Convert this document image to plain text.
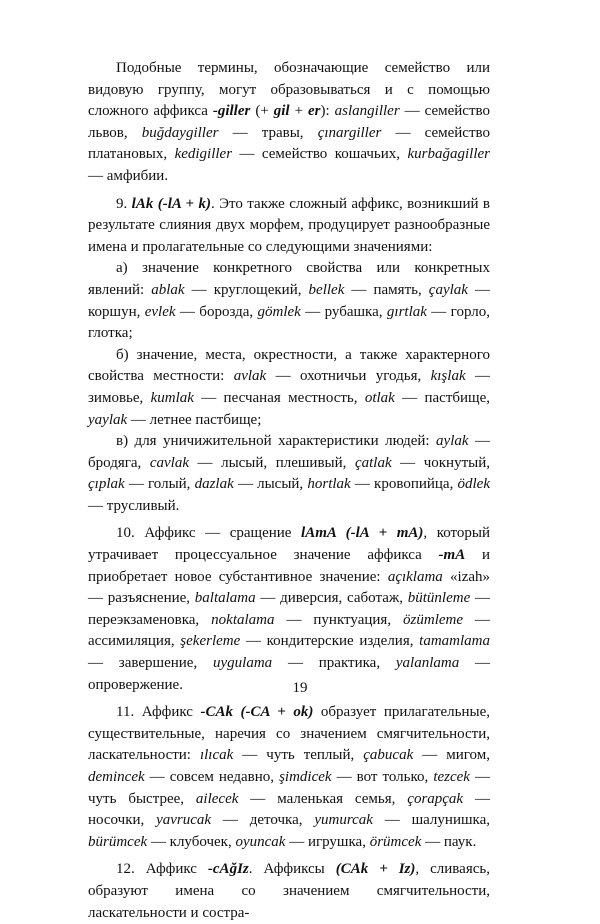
Подобные термины, обозначающие семейство или видовую группу, могут образовываться и с помощью сложного аффикса -giller (+ gil + er): aslangiller — семейство львов, buğdaygiller — травы, çınargiller — семейство платановых, kedigiller — семейство кошачьих, kurbağagiller — амфибии.

9. lAk (-lA + k). Это также сложный аффикс, возникший в результате слияния двух морфем, продуцирует разнообразные имена и пролагательные со следующими значениями:

а) значение конкретного свойства или конкретных явлений: ablak — круглощекий, bellek — память, çaylak — коршун, evlek — борозда, gömlek — рубашка, gırtlak — горло, глотка;

б) значение, места, окрестности, а также характерного свойства местности: avlak — охотничьи угодья, kışlak — зимовье, kumlak — песчаная местность, otlak — пастбище, yaylak — летнее пастбище;

в) для уничижительной характеристики людей: aylak — бродяга, cavlak — лысый, плешивый, çatlak — чокнутый, çıplak — голый, dazlak — лысый, hortlak — кровопийца, ödlek — трусливый.

10. Аффикс — сращение lAmA (-lA + mA), который утрачивает процессуальное значение аффикса -mA и приобретает новое субстантивное значение: açıklama «izah» — разъяснение, baltalama — диверсия, саботаж, bütünleme — переэкзаменовка, noktalama — пунктуация, özümleme — ассимиляция, şekerleme — кондитерские изделия, tamamlama — завершение, uygulama — практика, yalanlama — опровержение.

11. Аффикс -CAk (-CA + ok) образует прилагательные, существительные, наречия со значением смягчительности, ласкательности: ılıcak — чуть теплый, çabucak — мигом, demincek — совсем недавно, şimdicek — вот только, tezcek — чуть быстрее, ailecek — маленькая семья, çorapçak — носочки, yavrucak — деточка, yumurcak — шалунишка, bürümcek — клубочек, oyuncak — игрушка, örümcek — паук.

12. Аффикс -cAğIz. Аффиксы (CAk + Iz), сливаясь, образуют имена со значением смягчительности, ласкательности и состра-

19
